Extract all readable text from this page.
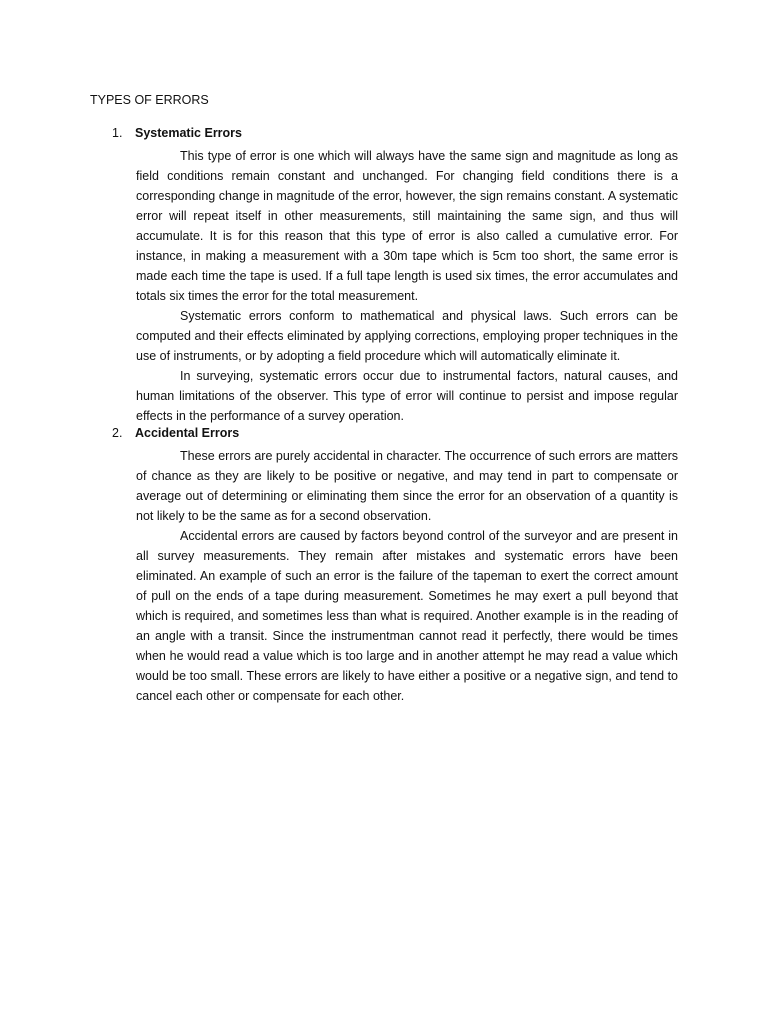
TYPES OF ERRORS
1. Systematic Errors

This type of error is one which will always have the same sign and magnitude as long as field conditions remain constant and unchanged. For changing field conditions there is a corresponding change in magnitude of the error, however, the sign remains constant. A systematic error will repeat itself in other measurements, still maintaining the same sign, and thus will accumulate. It is for this reason that this type of error is also called a cumulative error. For instance, in making a measurement with a 30m tape which is 5cm too short, the same error is made each time the tape is used. If a full tape length is used six times, the error accumulates and totals six times the error for the total measurement.

Systematic errors conform to mathematical and physical laws. Such errors can be computed and their effects eliminated by applying corrections, employing proper techniques in the use of instruments, or by adopting a field procedure which will automatically eliminate it.

In surveying, systematic errors occur due to instrumental factors, natural causes, and human limitations of the observer. This type of error will continue to persist and impose regular effects in the performance of a survey operation.

2. Accidental Errors

These errors are purely accidental in character. The occurrence of such errors are matters of chance as they are likely to be positive or negative, and may tend in part to compensate or average out of determining or eliminating them since the error for an observation of a quantity is not likely to be the same as for a second observation.

Accidental errors are caused by factors beyond control of the surveyor and are present in all survey measurements. They remain after mistakes and systematic errors have been eliminated. An example of such an error is the failure of the tapeman to exert the correct amount of pull on the ends of a tape during measurement. Sometimes he may exert a pull beyond that which is required, and sometimes less than what is required. Another example is in the reading of an angle with a transit. Since the instrumentman cannot read it perfectly, there would be times when he would read a value which is too large and in another attempt he may read a value which would be too small. These errors are likely to have either a positive or a negative sign, and tend to cancel each other or compensate for each other.
